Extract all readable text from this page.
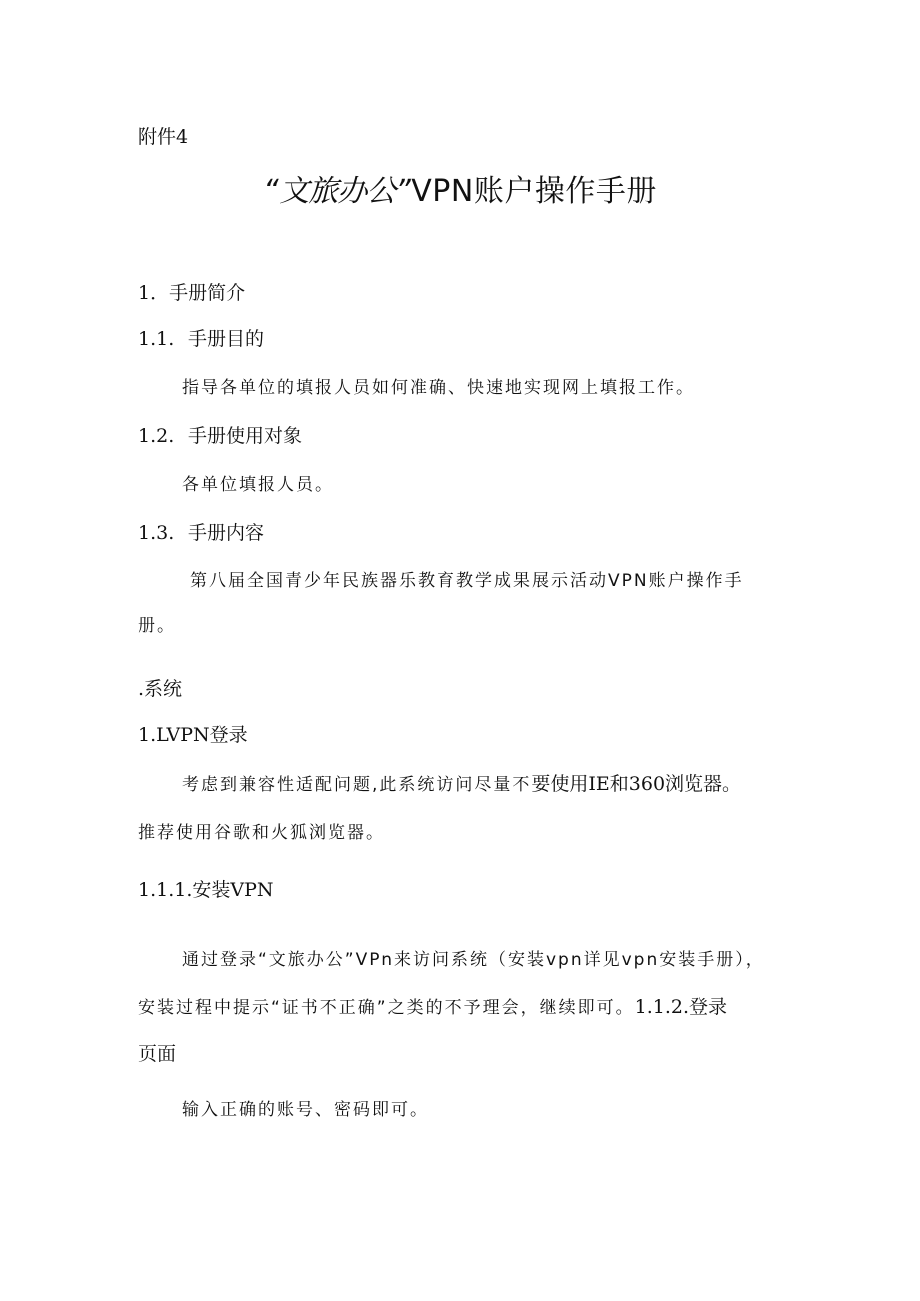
附件4

“文旅办公”VPN账户操作手册

1．手册简介

1.1. 手册目的

指导各单位的填报人员如何准确、快速地实现网上填报工作。

1.2. 手册使用对象

各单位填报人员。

1.3. 手册内容

第八届全国青少年民族器乐教育教学成果展示活动VPN账户操作手

册。

.系统

1.LVPN登录

考虑到兼容性适配问题,此系统访问尽量不要使用IE和360浏览器。

推荐使用谷歌和火狐浏览器。

1.1.1.安装VPN

通过登录“文旅办公”VPn来访问系统（安装vpn详见vpn安装手册），

安装过程中提示“证书不正确”之类的不予理会，继续即可。1.1.2.登录

页面

输入正确的账号、密码即可。
